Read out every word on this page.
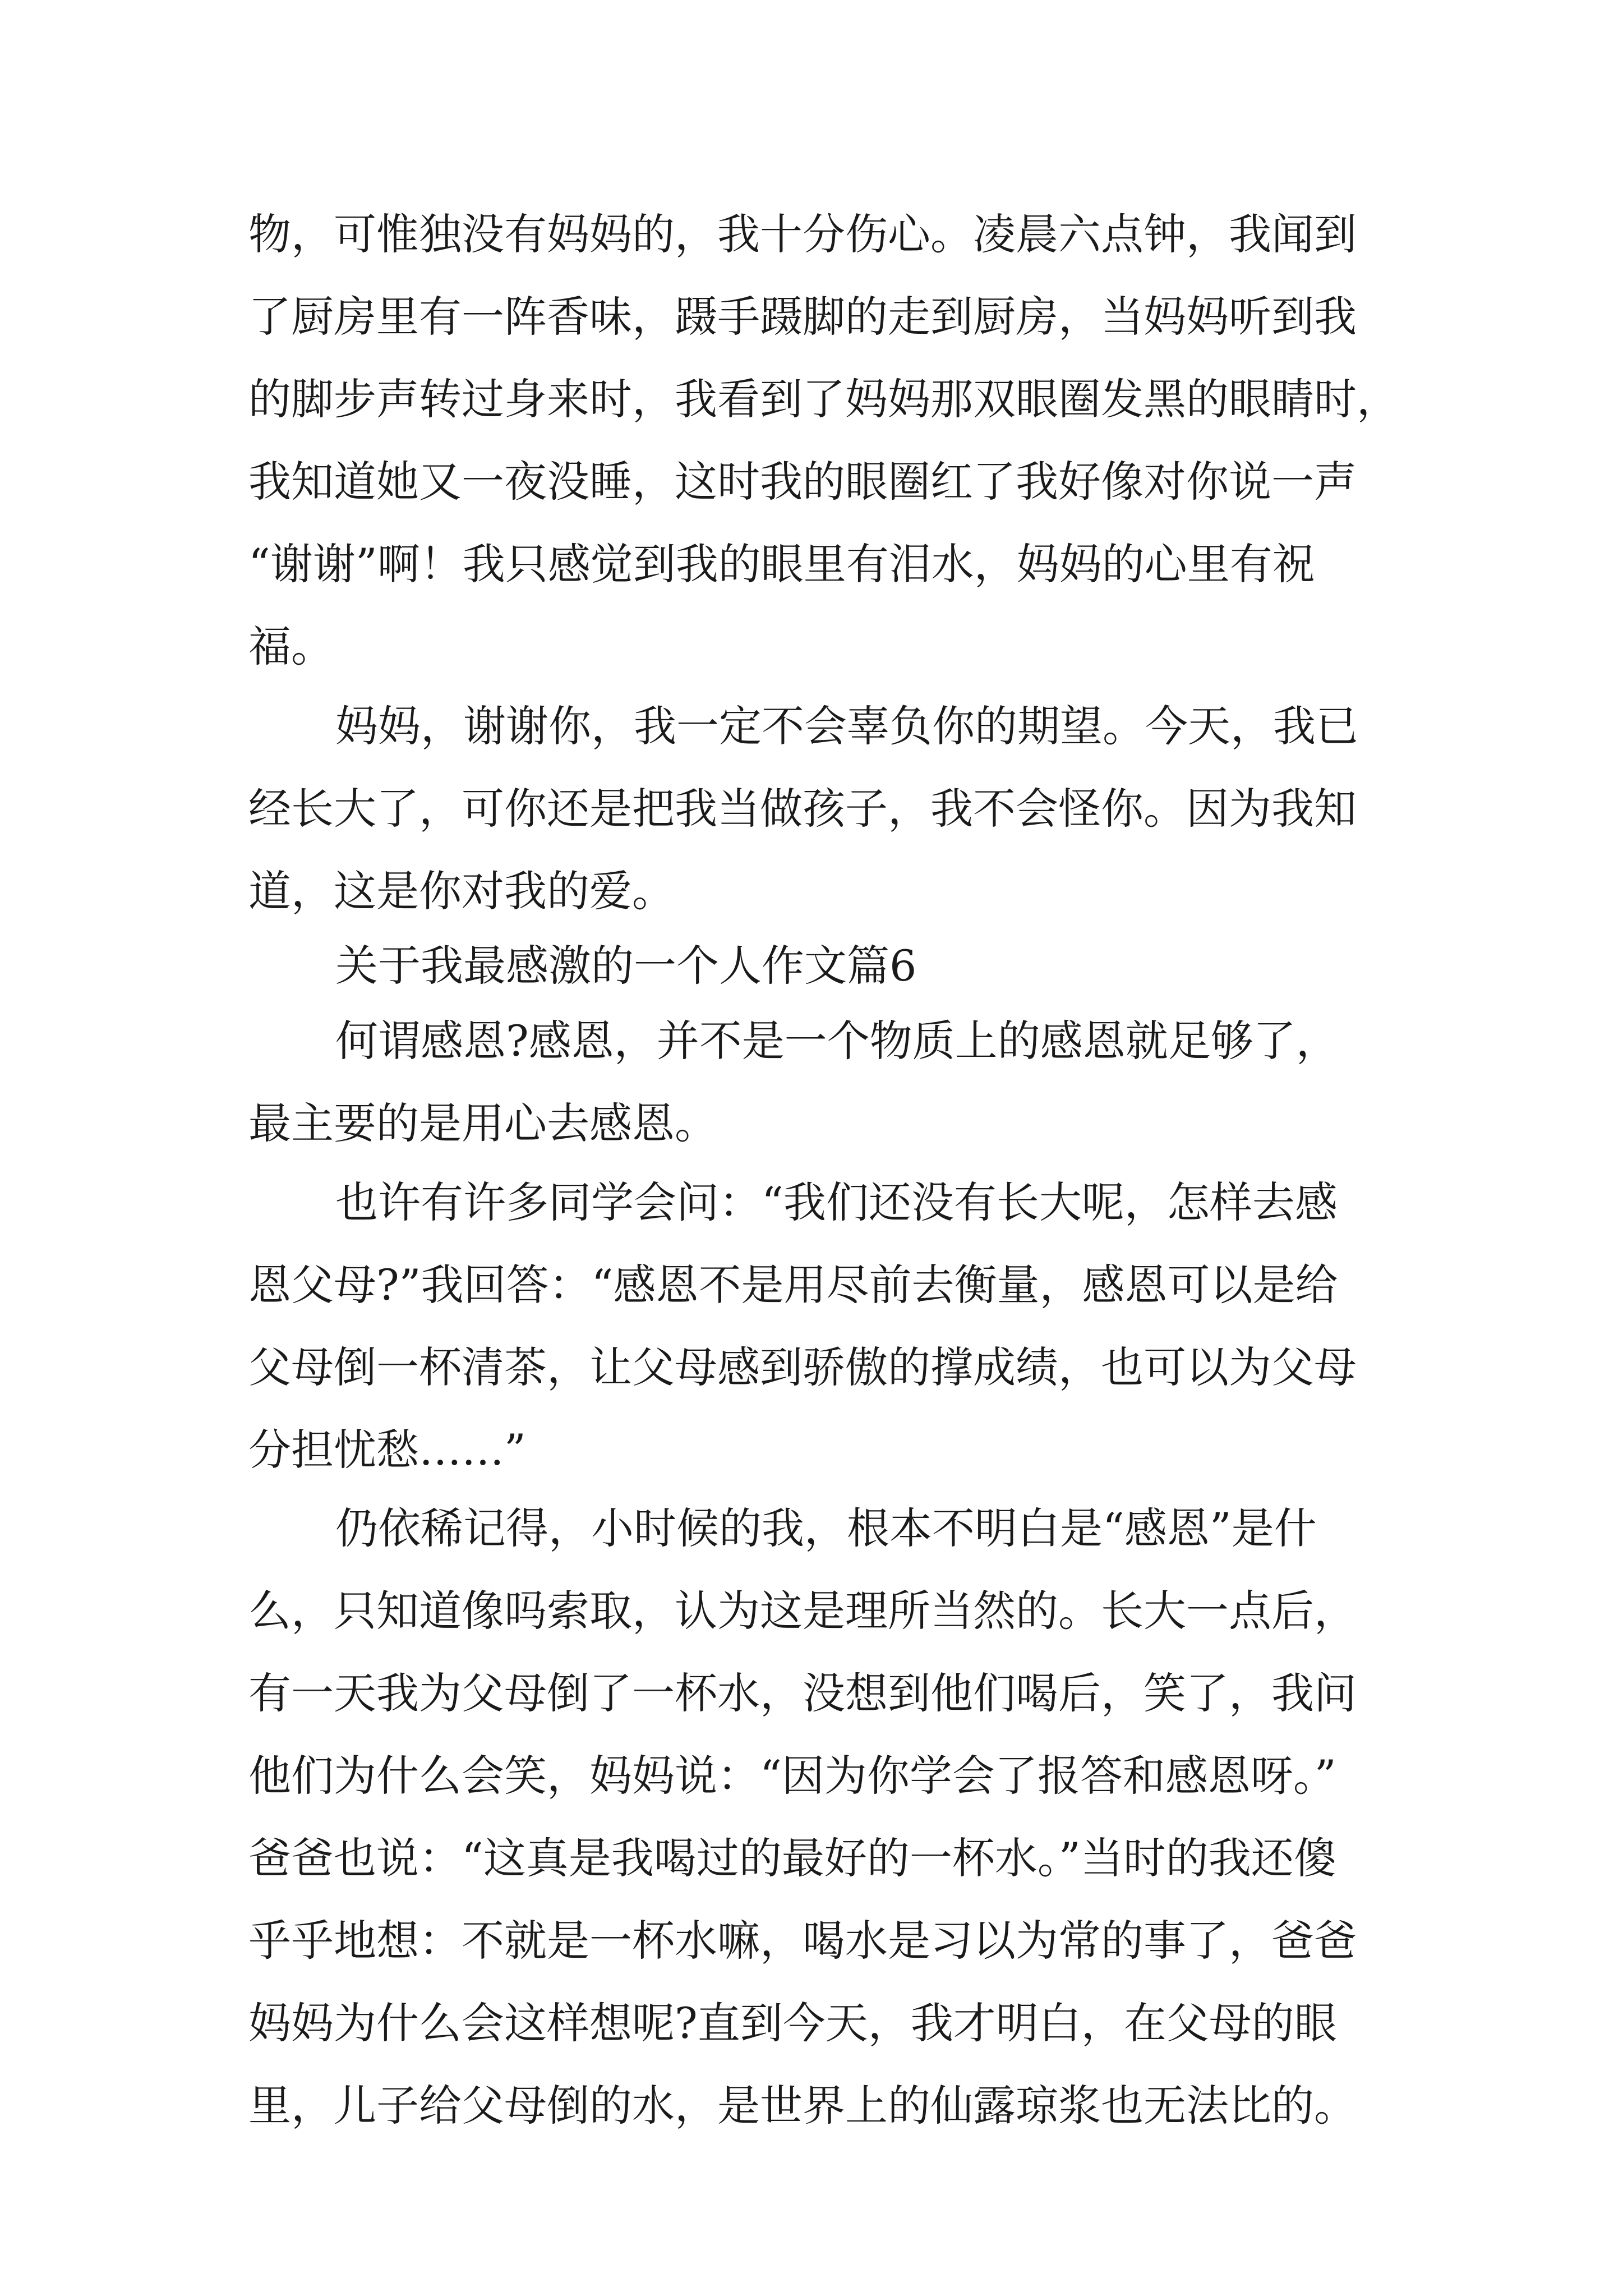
物，可惟独没有妈妈的，我十分伤心。凌晨六点钟，我闻到
了厨房里有一阵香味，蹑手蹑脚的走到厨房，当妈妈听到我
的脚步声转过身来时，我看到了妈妈那双眼圈发黑的眼睛时，
我知道她又一夜没睡，这时我的眼圈红了我好像对你说一声
“谢谢”啊！我只感觉到我的眼里有泪水，妈妈的心里有祝
福。
妈妈，谢谢你，我一定不会辜负你的期望。今天，我已
经长大了，可你还是把我当做孩子，我不会怪你。因为我知
道，这是你对我的爱。
关于我最感激的一个人作文篇6
何谓感恩?感恩，并不是一个物质上的感恩就足够了，
最主要的是用心去感恩。
也许有许多同学会问：“我们还没有长大呢，怎样去感
恩父母?”我回答：“感恩不是用尽前去衡量，感恩可以是给
父母倒一杯清茶，让父母感到骄傲的撑成绩，也可以为父母
分担忧愁……”
仍依稀记得，小时候的我，根本不明白是“感恩”是什
么，只知道像吗索取，认为这是理所当然的。长大一点后，
有一天我为父母倒了一杯水，没想到他们喝后，笑了，我问
他们为什么会笑，妈妈说：“因为你学会了报答和感恩呀。”
爸爸也说：“这真是我喝过的最好的一杯水。”当时的我还傻
乎乎地想：不就是一杯水嘛，喝水是习以为常的事了，爸爸
妈妈为什么会这样想呢?直到今天，我才明白，在父母的眼
里，儿子给父母倒的水，是世界上的仙露琼浆也无法比的。
